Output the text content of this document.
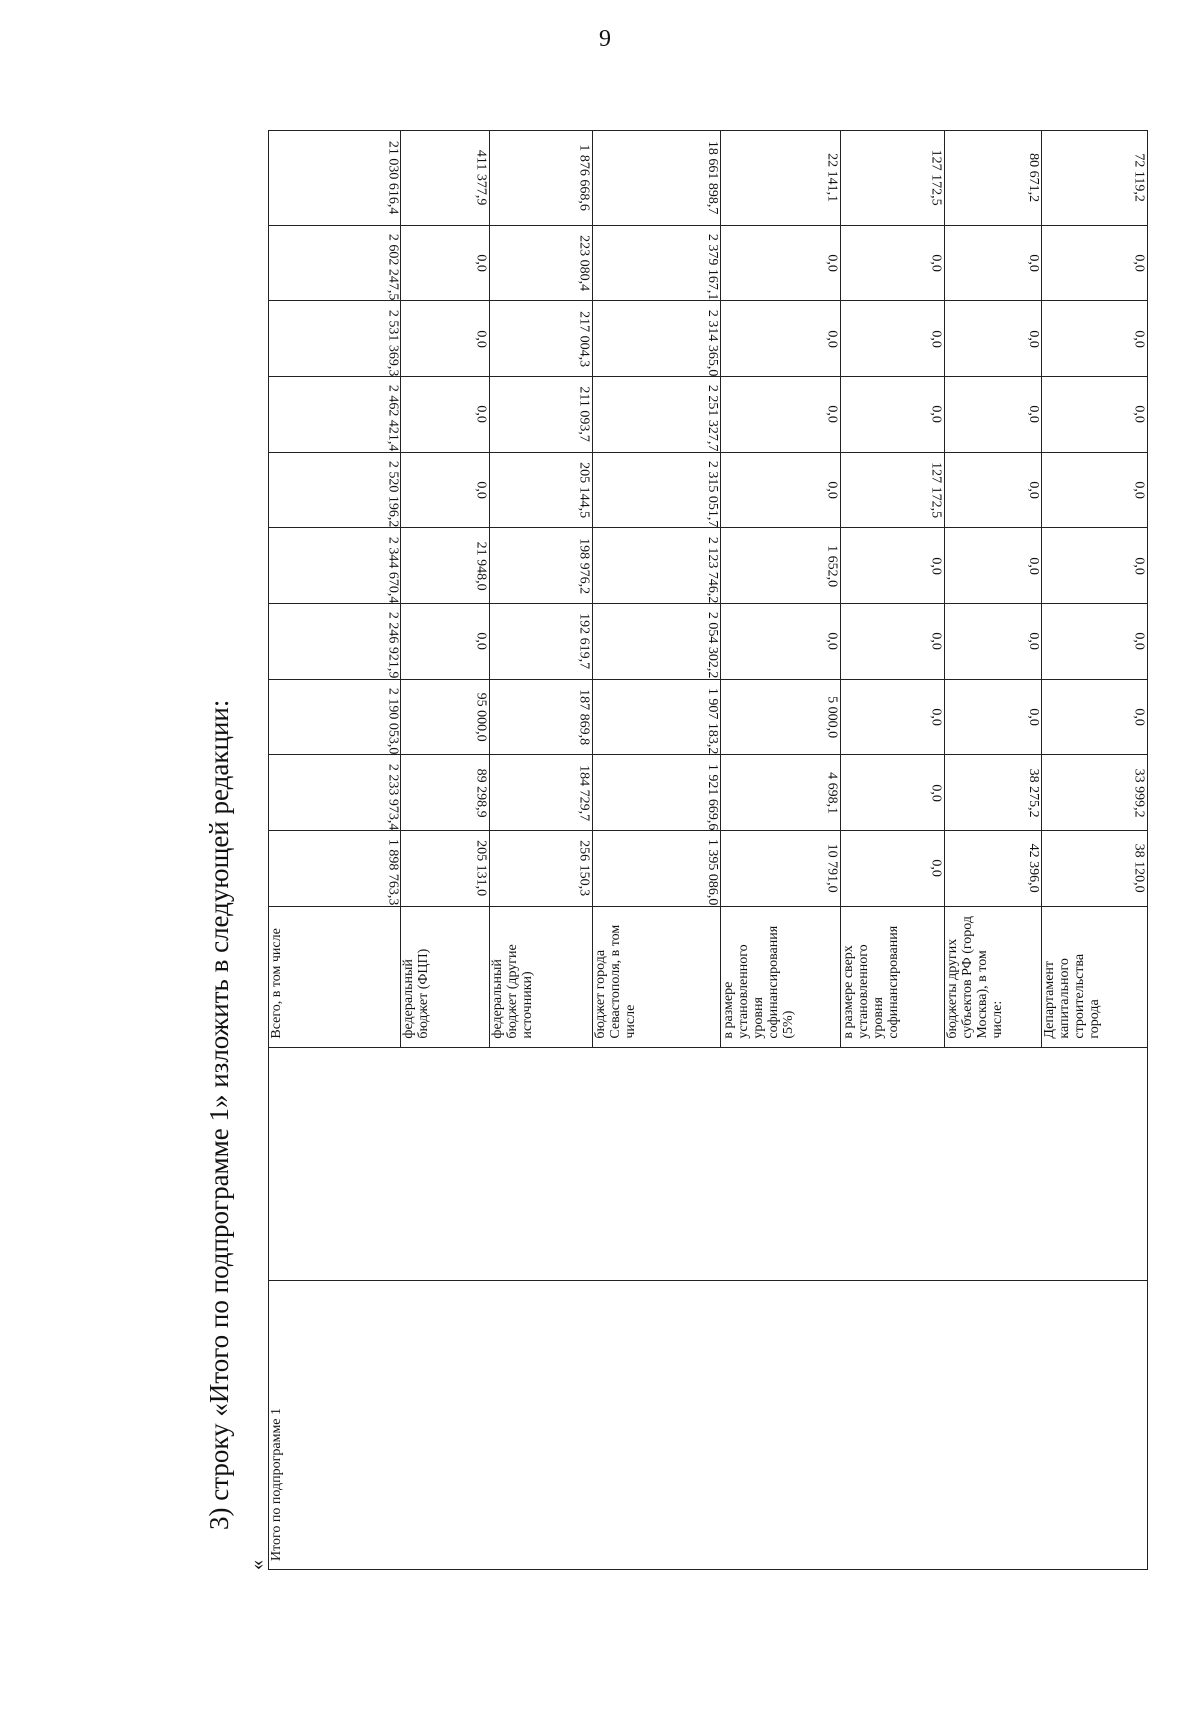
9
3) строку «Итого по подпрограмме 1» изложить в следующей редакции:
«
Итого по подпрограмме 1		Всего, в том числе	1 898 763,3	2 233 973,4	2 190 053,0	2 246 921,9	2 344 670,4	2 520 196,2	2 462 421,4	2 531 369,3	2 602 247,5	21 030 616,4
		федеральный бюджет (ФЦП)	205 131,0	89 298,9	95 000,0	0,0	21 948,0	0,0	0,0	0,0	0,0	411 377,9
		федеральный бюджет (другие источники)	256 150,3	184 729,7	187 869,8	192 619,7	198 976,2	205 144,5	211 093,7	217 004,3	223 080,4	1 876 668,6
		бюджет города Севастополя, в том числе	1 395 086,0	1 921 669,6	1 907 183,2	2 054 302,2	2 123 746,2	2 315 051,7	2 251 327,7	2 314 365,0	2 379 167,1	18 661 898,7
		в размере установленного уровня софинансирования (5%)	10 791,0	4 698,1	5 000,0	0,0	1 652,0	0,0	0,0	0,0	0,0	22 141,1
		в размере сверх установленного уровня софинансирования	0,0	0,0	0,0	0,0	0,0	127 172,5	0,0	0,0	0,0	127 172,5
		бюджеты других субъектов РФ (город Москва), в том числе:	42 396,0	38 275,2	0,0	0,0	0,0	0,0	0,0	0,0	0,0	80 671,2
		Департамент капитального строительства города	38 120,0	33 999,2	0,0	0,0	0,0	0,0	0,0	0,0	0,0	72 119,2
